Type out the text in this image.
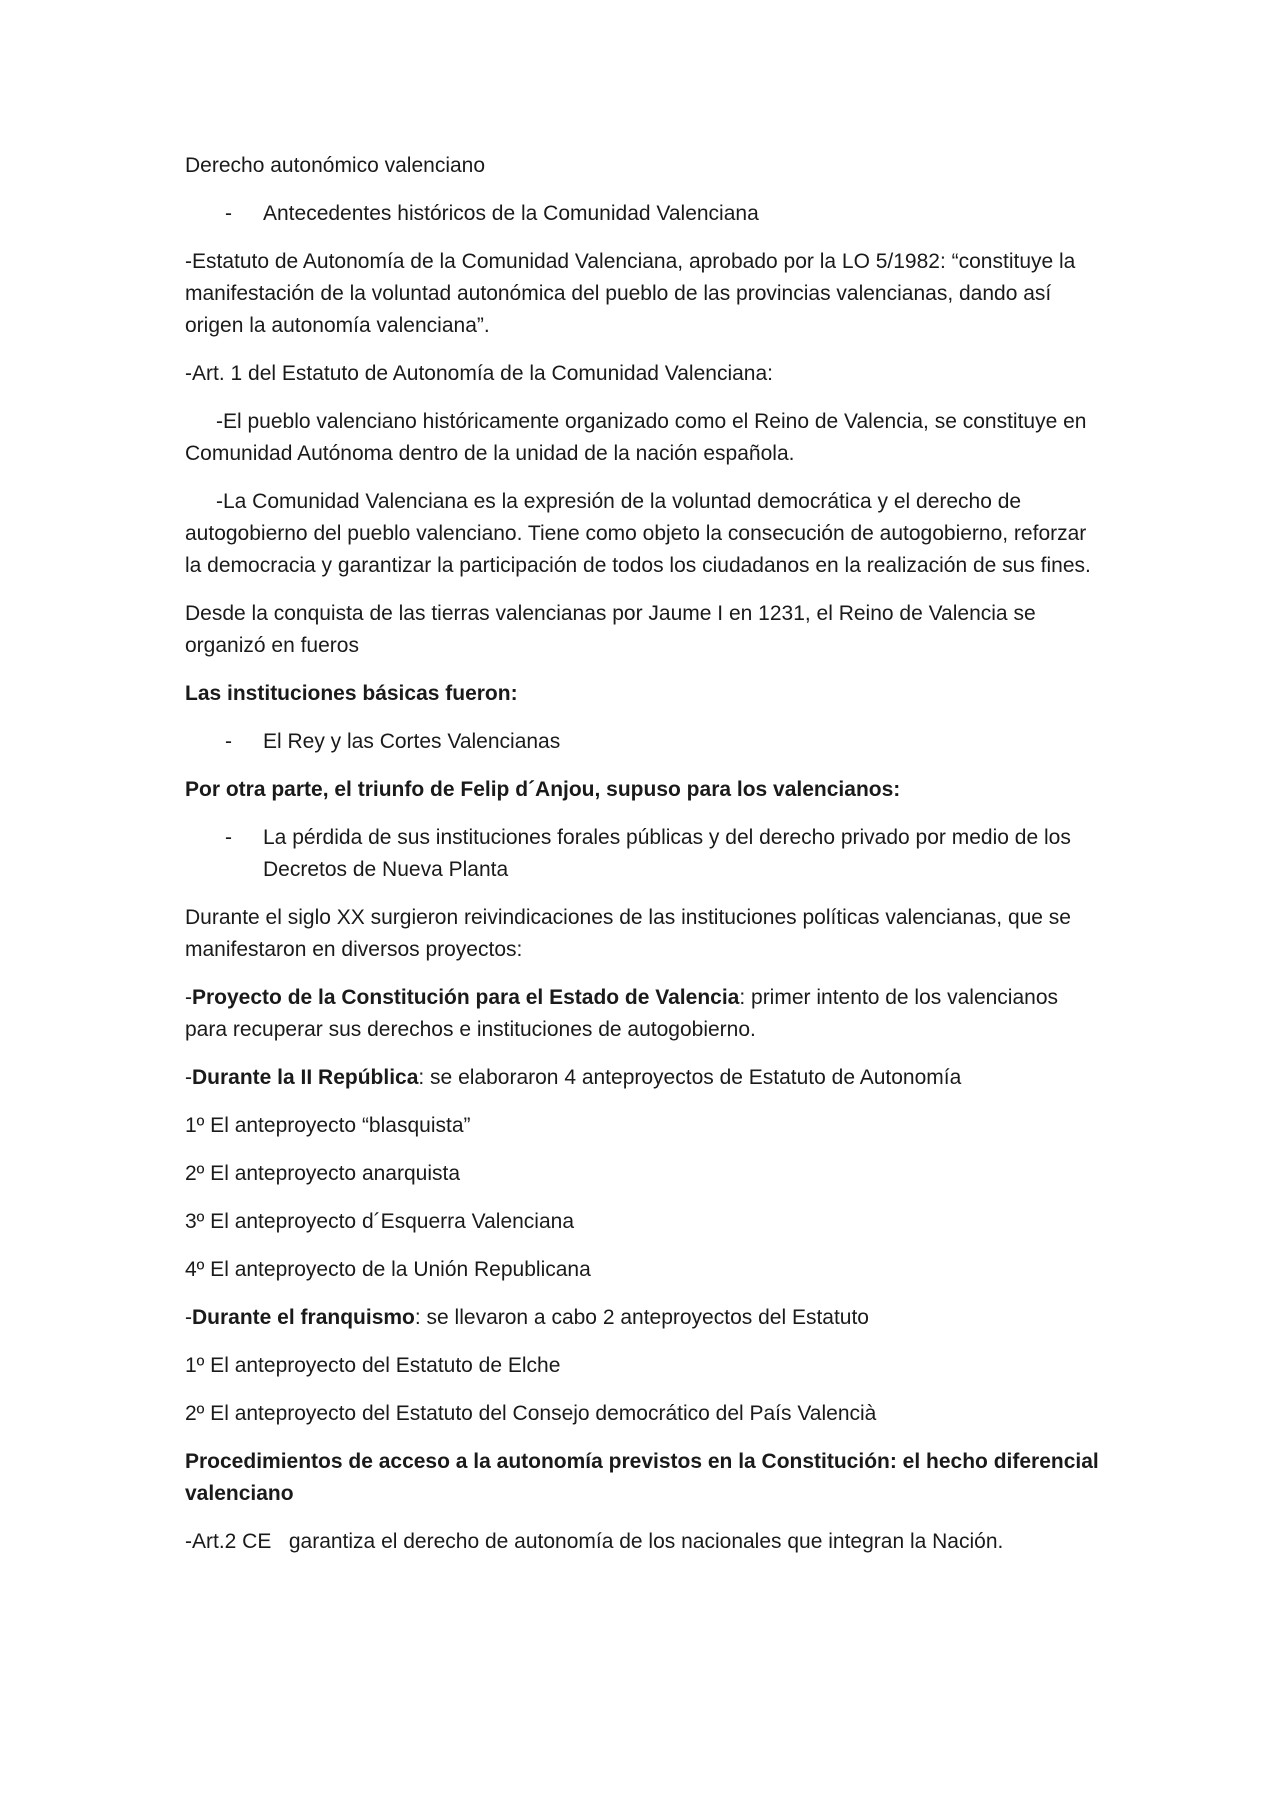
Derecho autonómico valenciano

- Antecedentes históricos de la Comunidad Valenciana

-Estatuto de Autonomía de la Comunidad Valenciana, aprobado por la LO 5/1982: “constituye la manifestación de la voluntad autonómica del pueblo de las provincias valencianas, dando así origen la autonomía valenciana”.

-Art. 1 del Estatuto de Autonomía de la Comunidad Valenciana:

-El pueblo valenciano históricamente organizado como el Reino de Valencia, se constituye en Comunidad Autónoma dentro de la unidad de la nación española.

-La Comunidad Valenciana es la expresión de la voluntad democrática y el derecho de autogobierno del pueblo valenciano. Tiene como objeto la consecución de autogobierno, reforzar la democracia y garantizar la participación de todos los ciudadanos en la realización de sus fines.

Desde la conquista de las tierras valencianas por Jaume I en 1231, el Reino de Valencia se organizó en fueros

Las instituciones básicas fueron:

- El Rey y las Cortes Valencianas

Por otra parte, el triunfo de Felip d´Anjou, supuso para los valencianos:

- La pérdida de sus instituciones forales públicas y del derecho privado por medio de los Decretos de Nueva Planta

Durante el siglo XX surgieron reivindicaciones de las instituciones políticas valencianas, que se manifestaron en diversos proyectos:

-Proyecto de la Constitución para el Estado de Valencia: primer intento de los valencianos para recuperar sus derechos e instituciones de autogobierno.

-Durante la II República: se elaboraron 4 anteproyectos de Estatuto de Autonomía

1º El anteproyecto “blasquista”

2º El anteproyecto anarquista

3º El anteproyecto d´Esquerra Valenciana

4º El anteproyecto de la Unión Republicana

-Durante el franquismo: se llevaron a cabo 2 anteproyectos del Estatuto

1º El anteproyecto del Estatuto de Elche

2º El anteproyecto del Estatuto del Consejo democrático del País Valencià

Procedimientos de acceso a la autonomía previstos en la Constitución: el hecho diferencial valenciano

-Art.2 CE   garantiza el derecho de autonomía de los nacionales que integran la Nación.
